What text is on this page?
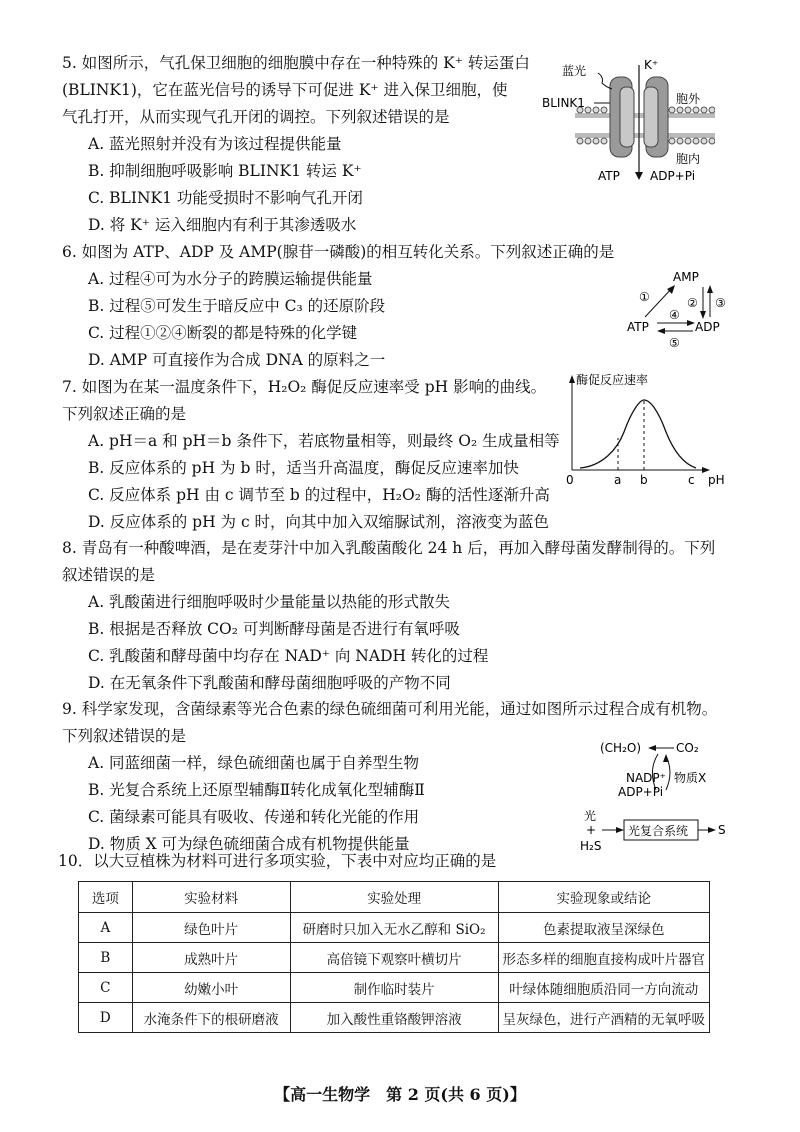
5. 如图所示，气孔保卫细胞的细胞膜中存在一种特殊的 K⁺ 转运蛋白
(BLINK1)，它在蓝光信号的诱导下可促进 K⁺ 进入保卫细胞，使
气孔打开，从而实现气孔开闭的调控。下列叙述错误的是
A. 蓝光照射并没有为该过程提供能量
B. 抑制细胞呼吸影响 BLINK1 转运 K⁺
C. BLINK1 功能受损时不影响气孔开闭
D. 将 K⁺ 运入细胞内有利于其渗透吸水
蓝光	K⁺
BLINK1	胞外
胞内
ATP	ADP+Pi
6. 如图为 ATP、ADP 及 AMP(腺苷一磷酸)的相互转化关系。下列叙述正确的是
A. 过程④可为水分子的跨膜运输提供能量
B. 过程⑤可发生于暗反应中 C₃ 的还原阶段
C. 过程①②④断裂的都是特殊的化学键
D. AMP 可直接作为合成 DNA 的原料之一
AMP
ATP	ADP
①	② ③
④
⑤
7. 如图为在某一温度条件下，H₂O₂ 酶促反应速率受 pH 影响的曲线。
下列叙述正确的是
A. pH＝a 和 pH＝b 条件下，若底物量相等，则最终 O₂ 生成量相等
B. 反应体系的 pH 为 b 时，适当升高温度，酶促反应速率加快
C. 反应体系 pH 由 c 调节至 b 的过程中，H₂O₂ 酶的活性逐渐升高
D. 反应体系的 pH 为 c 时，向其中加入双缩脲试剂，溶液变为蓝色
酶促反应速率
pH
0	a b	c
8. 青岛有一种酸啤酒，是在麦芽汁中加入乳酸菌酸化 24 h 后，再加入酵母菌发酵制得的。下列
叙述错误的是
A. 乳酸菌进行细胞呼吸时少量能量以热能的形式散失
B. 根据是否释放 CO₂ 可判断酵母菌是否进行有氧呼吸
C. 乳酸菌和酵母菌中均存在 NAD⁺ 向 NADH 转化的过程
D. 在无氧条件下乳酸菌和酵母菌细胞呼吸的产物不同
9. 科学家发现，含菌绿素等光合色素的绿色硫细菌可利用光能，通过如图所示过程合成有机物。
下列叙述错误的是
A. 同蓝细菌一样，绿色硫细菌也属于自养型生物
B. 光复合系统上还原型辅酶Ⅱ转化成氧化型辅酶Ⅱ
C. 菌绿素可能具有吸收、传递和转化光能的作用
D. 物质 X 可为绿色硫细菌合成有机物提供能量
(CH₂O)	CO₂
NADP⁺
ADP+Pi
物质X
光
+
H₂S
光复合系统 S
10．以大豆植株为材料可进行多项实验，下表中对应均正确的是
选项	实验材料	实验处理	实验现象或结论
A	绿色叶片	研磨时只加入无水乙醇和 SiO₂	色素提取液呈深绿色
B	成熟叶片	高倍镜下观察叶横切片	形态多样的细胞直接构成叶片器官
C	幼嫩小叶	制作临时装片	叶绿体随细胞质沿同一方向流动
D	水淹条件下的根研磨液	加入酸性重铬酸钾溶液	呈灰绿色，进行产酒精的无氧呼吸
【高一生物学　第 2 页(共 6 页)】
